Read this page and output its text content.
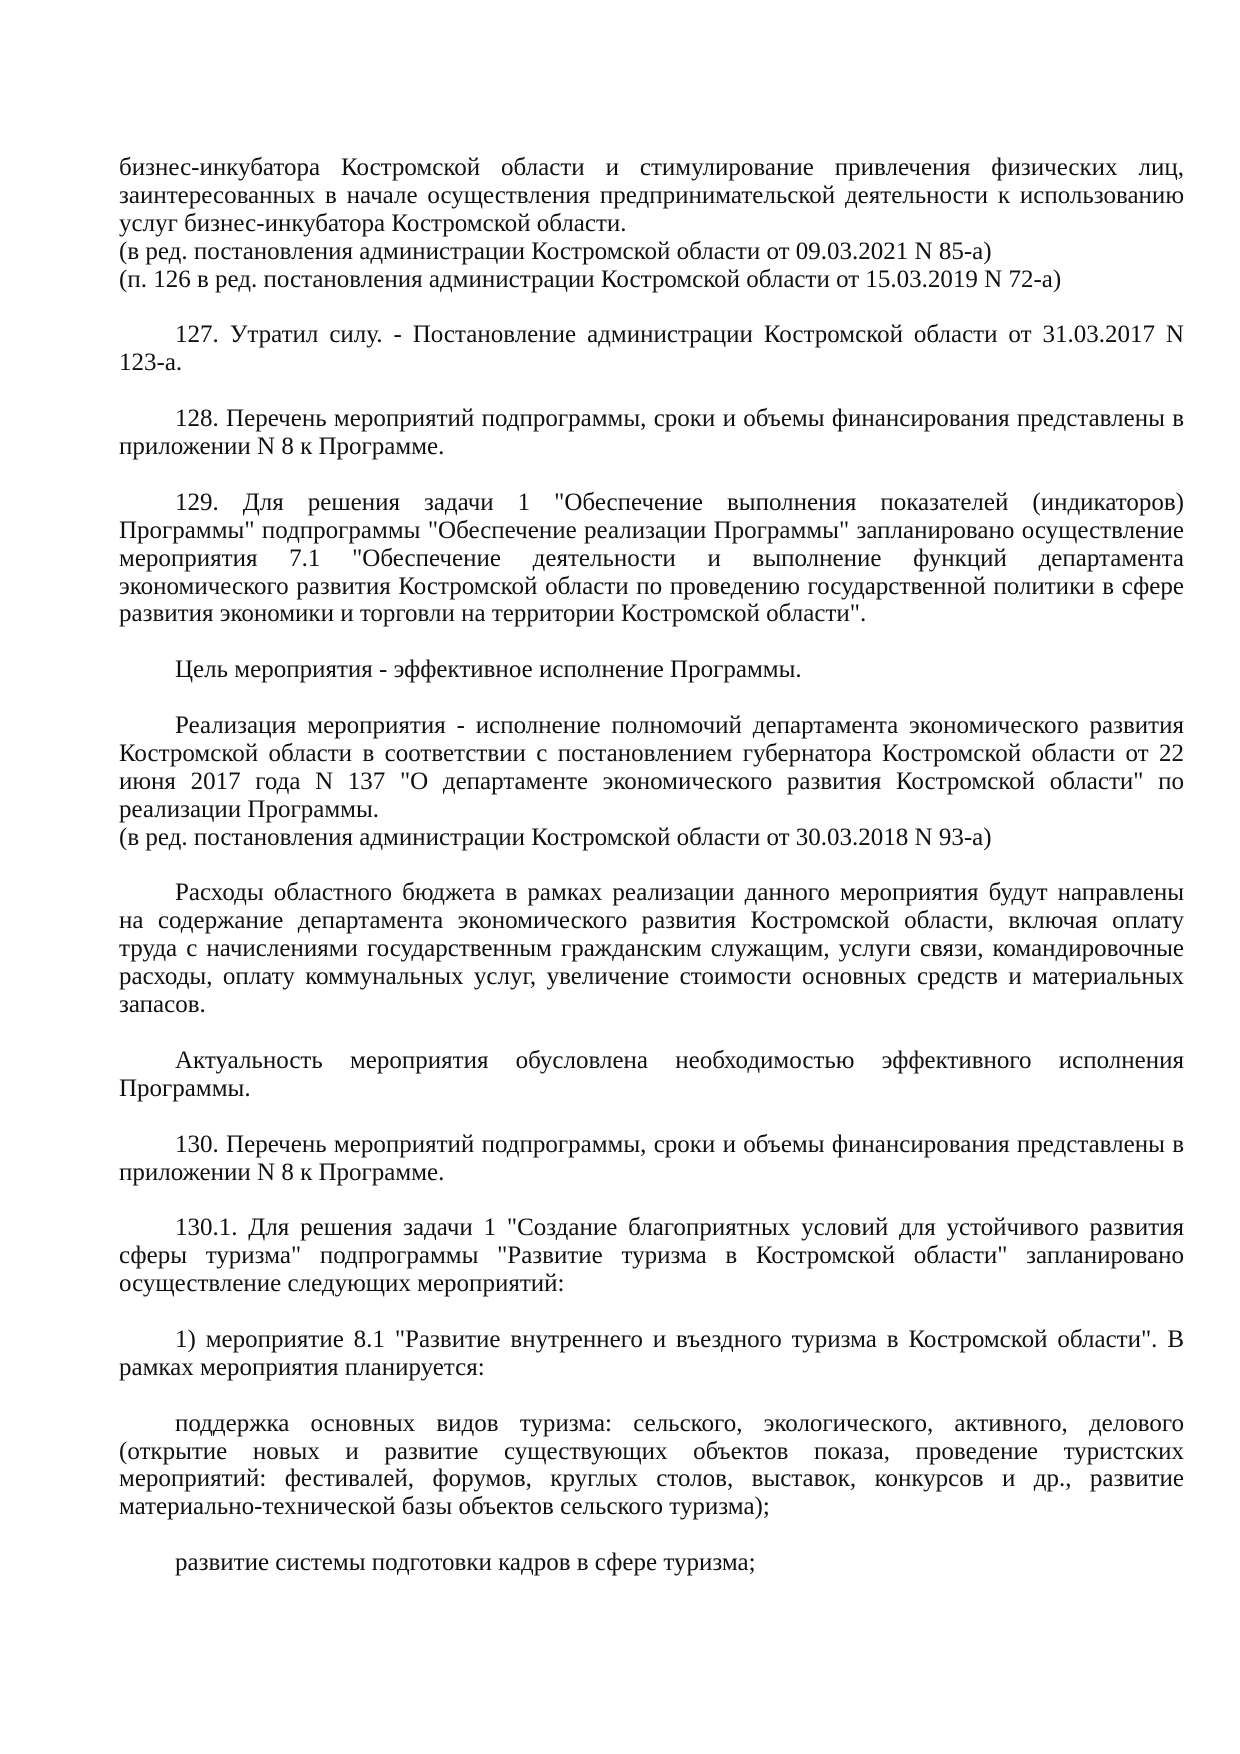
бизнес-инкубатора Костромской области и стимулирование привлечения физических лиц,
заинтересованных в начале осуществления предпринимательской деятельности к использованию
услуг бизнес-инкубатора Костромской области.
(в ред. постановления администрации Костромской области от 09.03.2021 N 85-а)
(п. 126 в ред. постановления администрации Костромской области от 15.03.2019 N 72-а)
127. Утратил силу. - Постановление администрации Костромской области от 31.03.2017 N
123-а.
128. Перечень мероприятий подпрограммы, сроки и объемы финансирования представлены в
приложении N 8 к Программе.
129. Для решения задачи 1 "Обеспечение выполнения показателей (индикаторов)
Программы" подпрограммы "Обеспечение реализации Программы" запланировано осуществление
мероприятия 7.1 "Обеспечение деятельности и выполнение функций департамента
экономического развития Костромской области по проведению государственной политики в сфере
развития экономики и торговли на территории Костромской области".
Цель мероприятия - эффективное исполнение Программы.
Реализация мероприятия - исполнение полномочий департамента экономического развития
Костромской области в соответствии с постановлением губернатора Костромской области от 22
июня 2017 года N 137 "О департаменте экономического развития Костромской области" по
реализации Программы.
(в ред. постановления администрации Костромской области от 30.03.2018 N 93-а)
Расходы областного бюджета в рамках реализации данного мероприятия будут направлены
на содержание департамента экономического развития Костромской области, включая оплату
труда с начислениями государственным гражданским служащим, услуги связи, командировочные
расходы, оплату коммунальных услуг, увеличение стоимости основных средств и материальных
запасов.
Актуальность мероприятия обусловлена необходимостью эффективного исполнения
Программы.
130. Перечень мероприятий подпрограммы, сроки и объемы финансирования представлены в
приложении N 8 к Программе.
130.1. Для решения задачи 1 "Создание благоприятных условий для устойчивого развития
сферы туризма" подпрограммы "Развитие туризма в Костромской области" запланировано
осуществление следующих мероприятий:
1) мероприятие 8.1 "Развитие внутреннего и въездного туризма в Костромской области". В
рамках мероприятия планируется:
поддержка основных видов туризма: сельского, экологического, активного, делового
(открытие новых и развитие существующих объектов показа, проведение туристских
мероприятий: фестивалей, форумов, круглых столов, выставок, конкурсов и др., развитие
материально-технической базы объектов сельского туризма);
развитие системы подготовки кадров в сфере туризма;
